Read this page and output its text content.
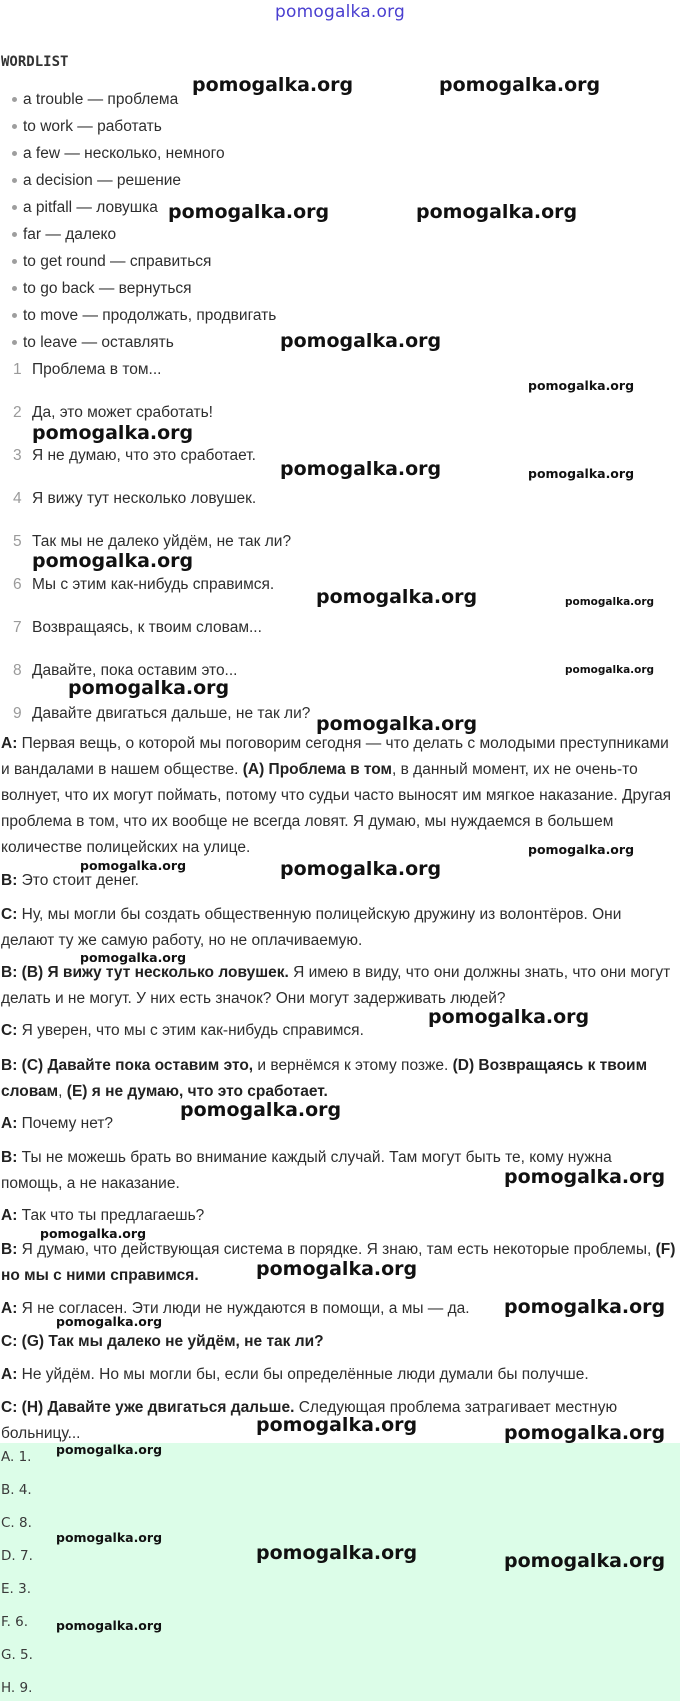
pomogalka.org
WORDLIST
a trouble — проблема
to work — работать
a few — несколько, немного
a decision — решение
a pitfall — ловушка
far — далеко
to get round — справиться
to go back — вернуться
to move — продолжать, продвигать
to leave — оставлять
1 Проблема в том...
2 Да, это может сработать!
3 Я не думаю, что это сработает.
4 Я вижу тут несколько ловушек.
5 Так мы не далеко уйдём, не так ли?
6 Мы с этим как-нибудь справимся.
7 Возвращаясь, к твоим словам...
8 Давайте, пока оставим это...
9 Давайте двигаться дальше, не так ли?
A: Первая вещь, о которой мы поговорим сегодня — что делать с молодыми преступниками и вандалами в нашем обществе. (A) Проблема в том, в данный момент, их не очень-то волнует, что их могут поймать, потому что судьи часто выносят им мягкое наказание. Другая проблема в том, что их вообще не всегда ловят. Я думаю, мы нуждаемся в большем количестве полицейских на улице.
B: Это стоит денег.
C: Ну, мы могли бы создать общественную полицейскую дружину из волонтёров. Они делают ту же самую работу, но не оплачиваемую.
B: (B) Я вижу тут несколько ловушек. Я имею в виду, что они должны знать, что они могут делать и не могут. У них есть значок? Они могут задерживать людей?
C: Я уверен, что мы с этим как-нибудь справимся.
B: (C) Давайте пока оставим это, и вернёмся к этому позже. (D) Возвращаясь к твоим словам, (E) я не думаю, что это сработает.
A: Почему нет?
B: Ты не можешь брать во внимание каждый случай. Там могут быть те, кому нужна помощь, а не наказание.
A: Так что ты предлагаешь?
B: Я думаю, что действующая система в порядке. Я знаю, там есть некоторые проблемы, (F) но мы с ними справимся.
A: Я не согласен. Эти люди не нуждаются в помощи, а мы — да.
C: (G) Так мы далеко не уйдём, не так ли?
A: Не уйдём. Но мы могли бы, если бы определённые люди думали бы получше.
C: (H) Давайте уже двигаться дальше. Следующая проблема затрагивает местную больницу...
A. 1.
B. 4.
C. 8.
D. 7.
E. 3.
F. 6.
G. 5.
H. 9.
pomogalka.org	pomogalka.org
pomogalka.org	pomogalka.org
pomogalka.org
pomogalka.org
pomogalka.org
pomogalka.org	pomogalka.org
pomogalka.org
pomogalka.org	pomogalka.org
pomogalka.org
pomogalka.org
pomogalka.org
pomogalka.org
pomogalka.org	pomogalka.org
pomogalka.org
pomogalka.org
pomogalka.org
pomogalka.org
pomogalka.org
pomogalka.org
pomogalka.org
pomogalka.org
pomogalka.org	pomogalka.org
pomogalka.org
pomogalka.org
pomogalka.org	pomogalka.org
pomogalka.org
